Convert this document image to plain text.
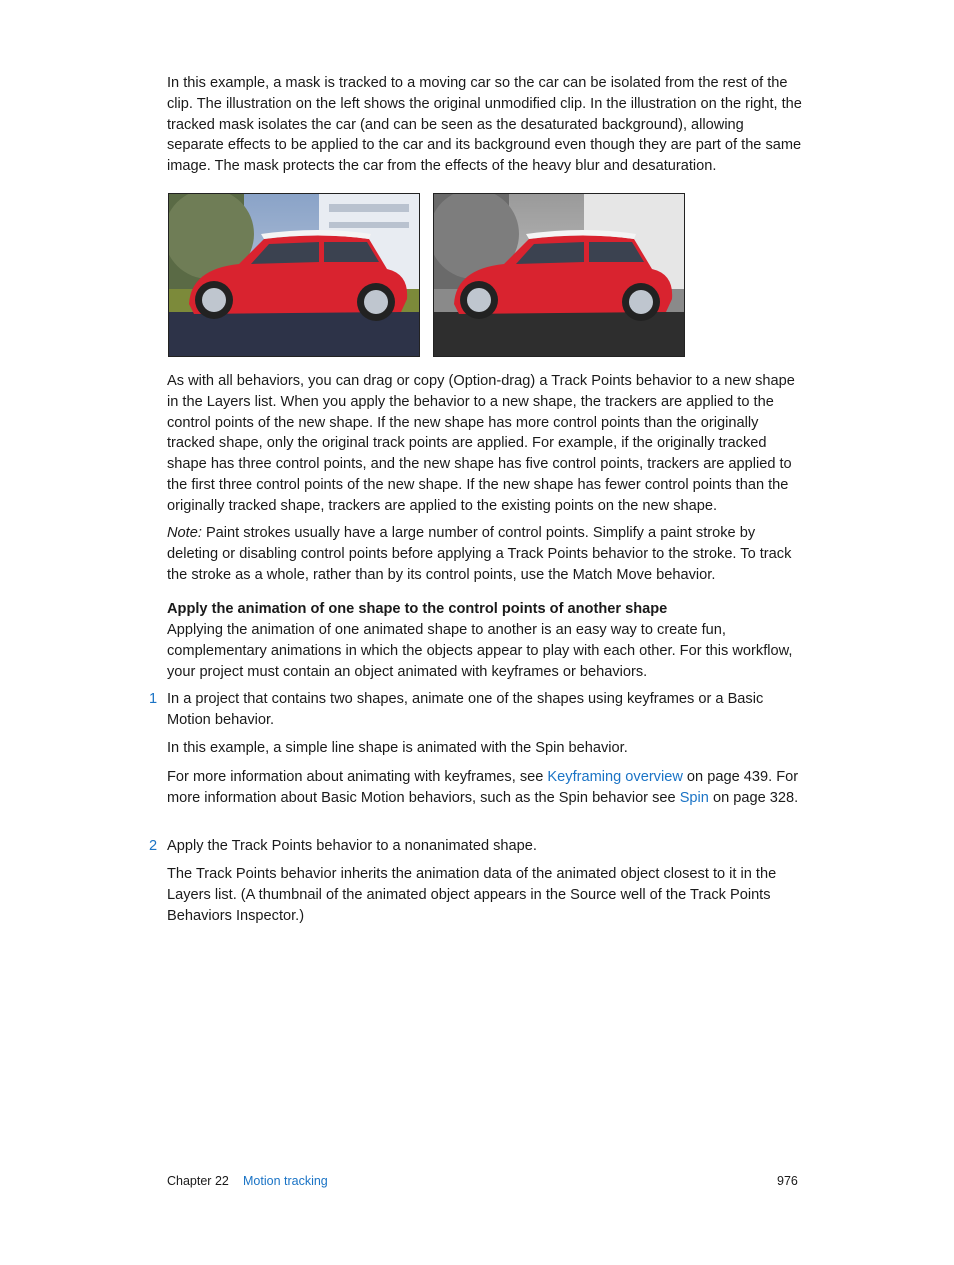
In this example, a mask is tracked to a moving car so the car can be isolated from the rest of the clip. The illustration on the left shows the original unmodified clip. In the illustration on the right, the tracked mask isolates the car (and can be seen as the desaturated background), allowing separate effects to be applied to the car and its background even though they are part of the same image. The mask protects the car from the effects of the heavy blur and desaturation.

As with all behaviors, you can drag or copy (Option-drag) a Track Points behavior to a new shape in the Layers list. When you apply the behavior to a new shape, the trackers are applied to the control points of the new shape. If the new shape has more control points than the originally tracked shape, only the original track points are applied. For example, if the originally tracked shape has three control points, and the new shape has five control points, trackers are applied to the first three control points of the new shape. If the new shape has fewer control points than the originally tracked shape, trackers are applied to the existing points on the new shape.

Note: Paint strokes usually have a large number of control points. Simplify a paint stroke by deleting or disabling control points before applying a Track Points behavior to the stroke. To track the stroke as a whole, rather than by its control points, use the Match Move behavior.

Apply the animation of one shape to the control points of another shape

Applying the animation of one animated shape to another is an easy way to create fun, complementary animations in which the objects appear to play with each other. For this workflow, your project must contain an object animated with keyframes or behaviors.

1 In a project that contains two shapes, animate one of the shapes using keyframes or a Basic Motion behavior.

In this example, a simple line shape is animated with the Spin behavior.

For more information about animating with keyframes, see Keyframing overview on page 439. For more information about Basic Motion behaviors, such as the Spin behavior see Spin on page 328.

2 Apply the Track Points behavior to a nonanimated shape.

The Track Points behavior inherits the animation data of the animated object closest to it in the Layers list. (A thumbnail of the animated object appears in the Source well of the Track Points Behaviors Inspector.)

Chapter 22 Motion tracking	976
